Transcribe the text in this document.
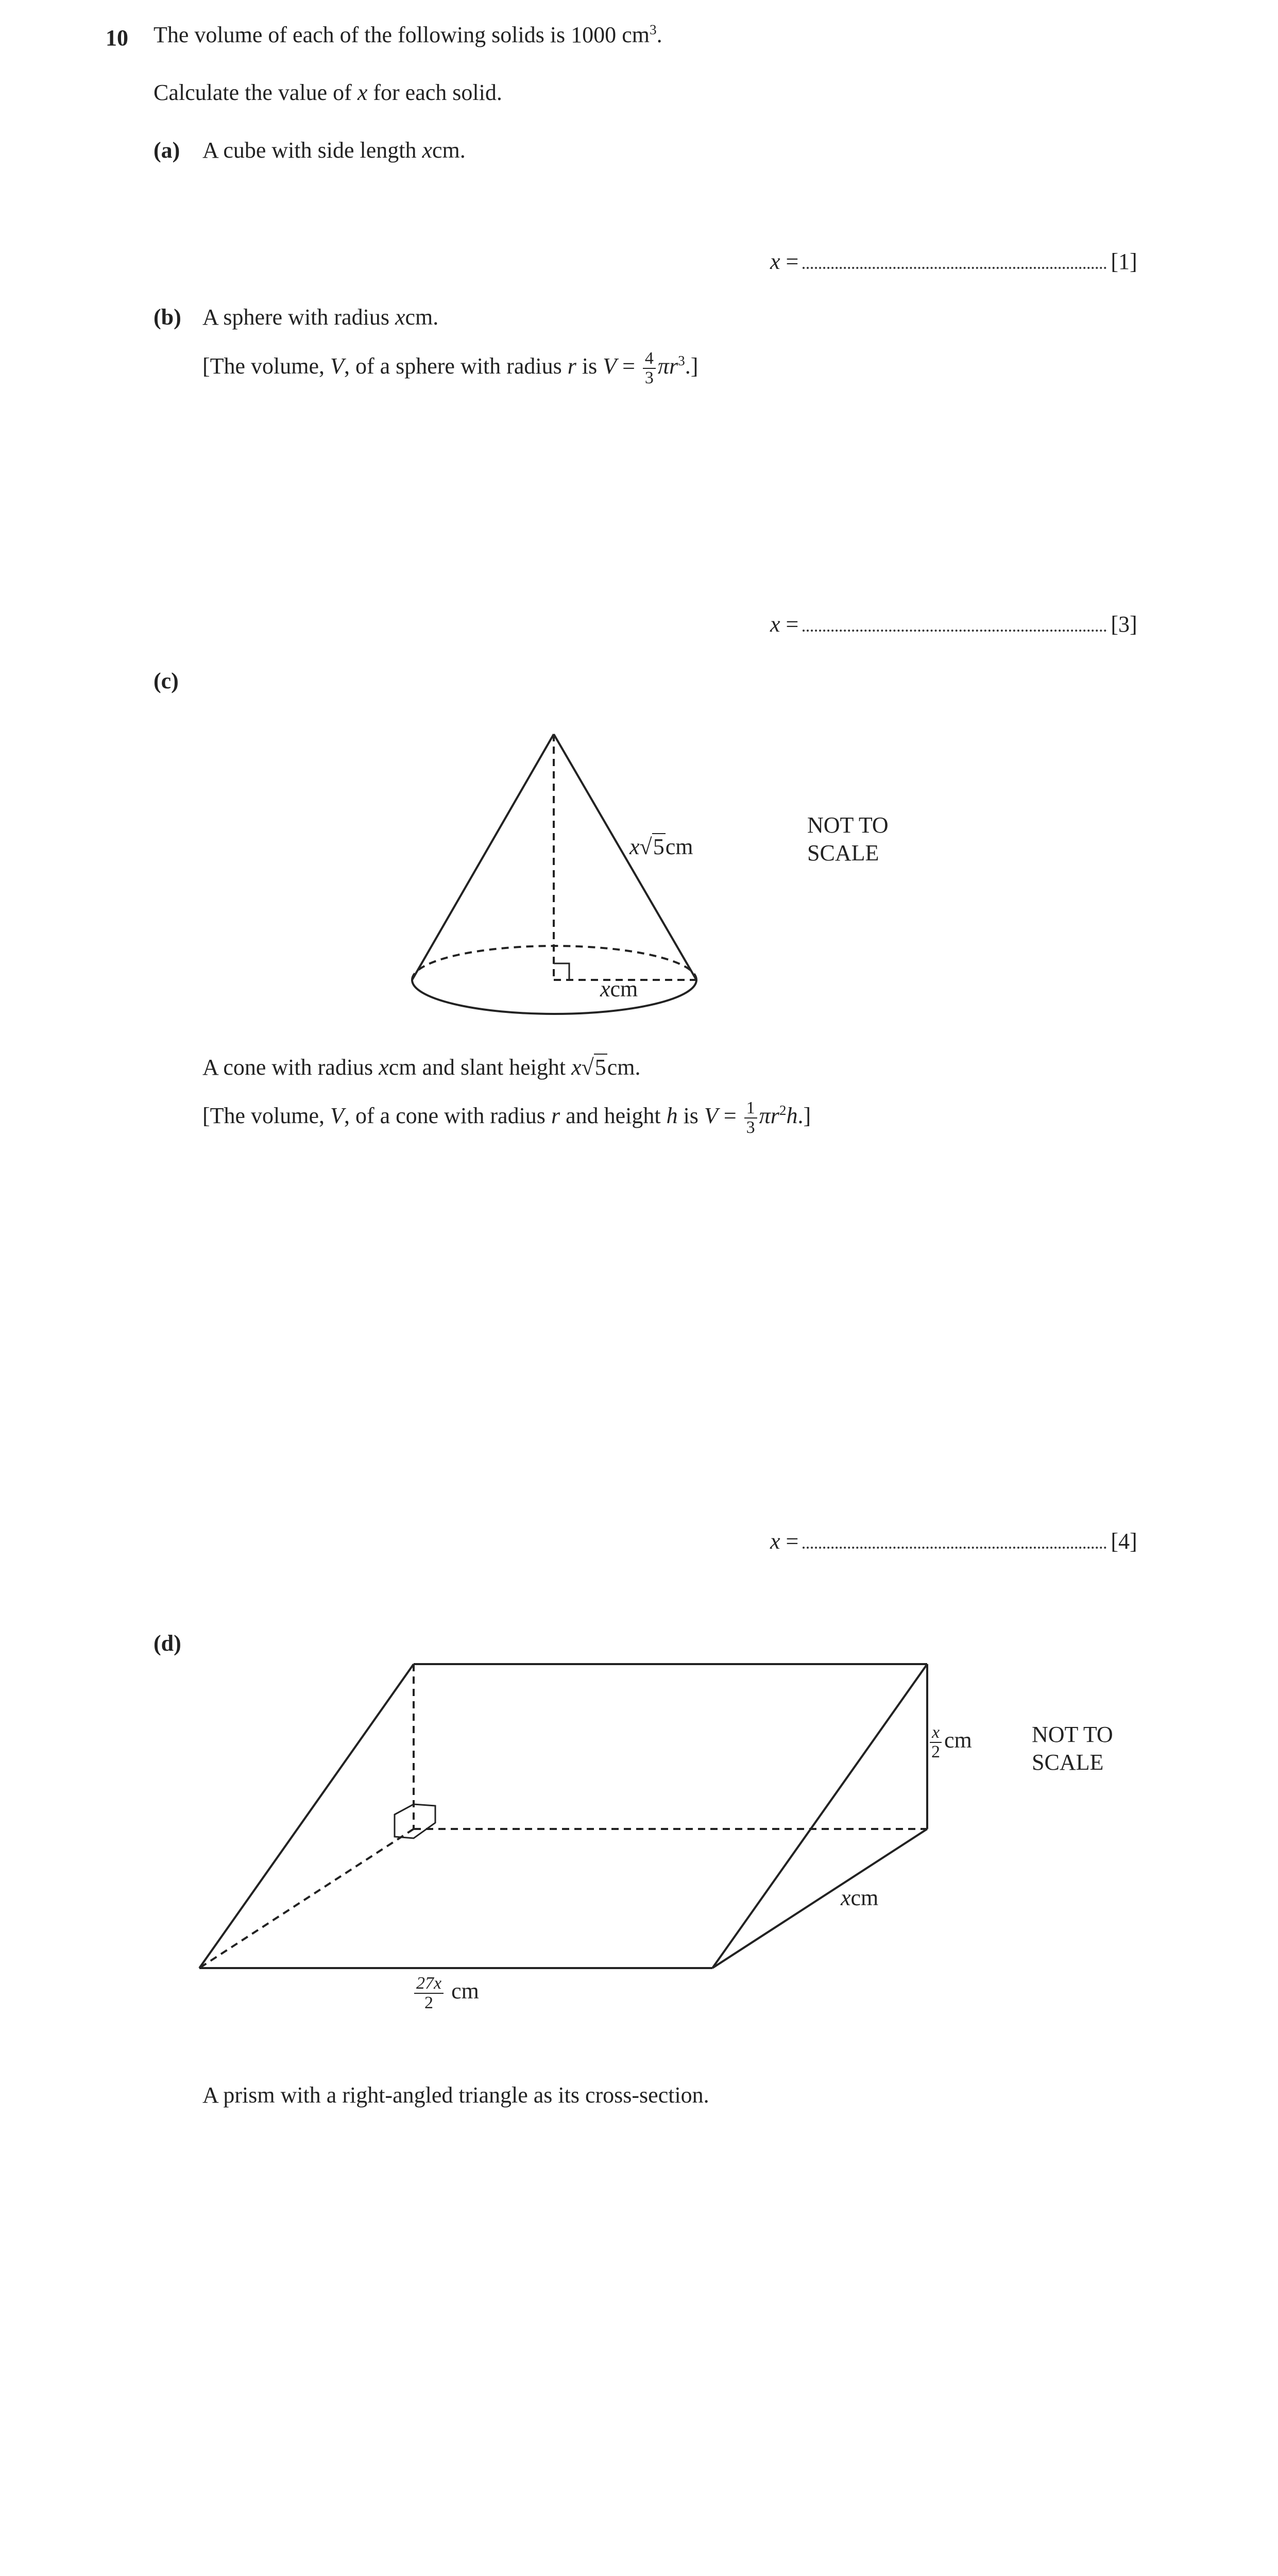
10 The volume of each of the following solids is 1000 $cm^3$.
Calculate the value of x for each solid.
(a) A cube with side length xcm.
x =	[1]
(b) A sphere with radius xcm.
[The volume, V, of a sphere with radius r is $V = \frac{4}{3} \pi r^3$.]
x =	[3]
(c)
x√5cm
xcm
NOT TO
SCALE
A cone with radius xcm and slant height x√5cm.
[The volume, V, of a cone with radius r and height h is $V = \frac{1}{3} \pi r^2h$.]
x =	[4]
(d)
$\frac{x}{2}$ cm	NOT TO
SCALE
xcm
$\frac{27x}{2}$ cm
A prism with a right-angled triangle as its cross-section.
